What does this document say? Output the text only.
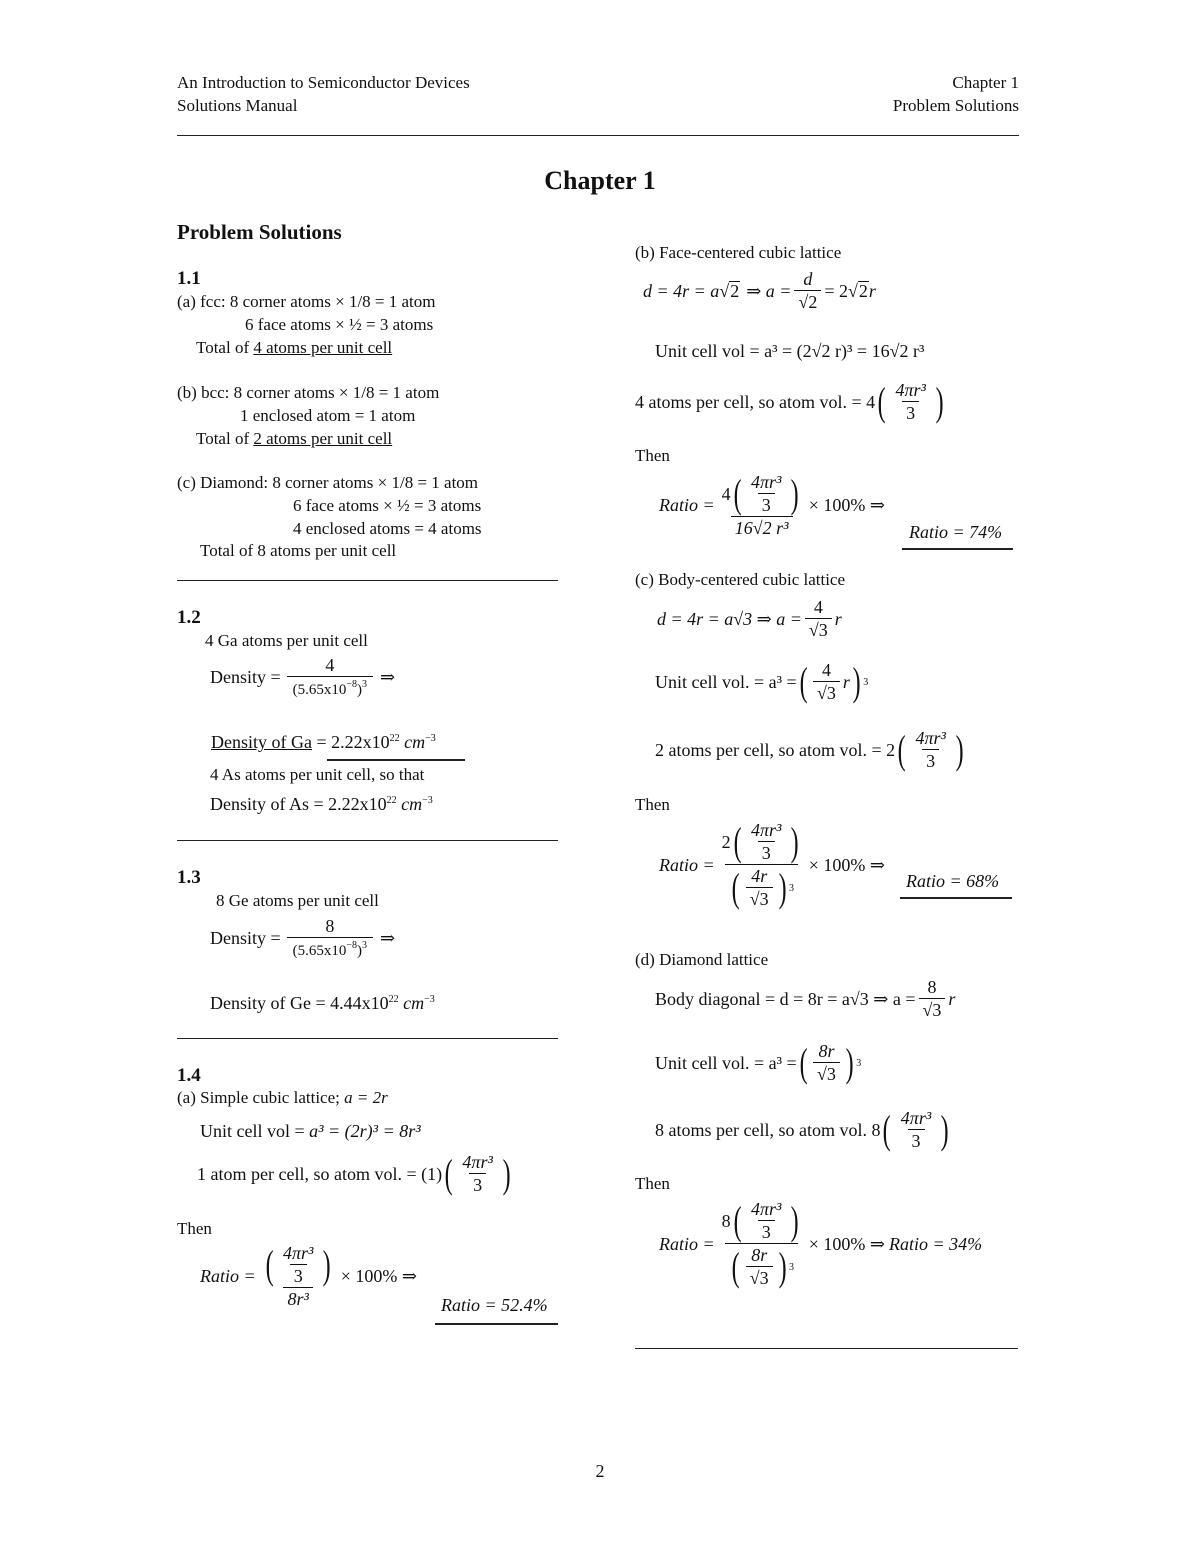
An Introduction to Semiconductor Devices
Solutions Manual
Chapter 1
Problem Solutions
Chapter 1
Problem Solutions
1.1
(a) fcc: 8 corner atoms × 1/8 = 1 atom
6 face atoms × ½ = 3 atoms
Total of 4 atoms per unit cell
(b) bcc: 8 corner atoms × 1/8 = 1 atom
1 enclosed atom = 1 atom
Total of 2 atoms per unit cell
(c) Diamond: 8 corner atoms × 1/8 = 1 atom
6 face atoms × ½ = 3 atoms
4 enclosed atoms = 4 atoms
Total of 8 atoms per unit cell
1.2
4 Ga atoms per unit cell
Density = $\frac{4}{(5.65x10^{-8})^3}$ ⇒
Density of $Ga = 2.22x10^{22}$ $cm^{-3}$
4 As atoms per unit cell, so that
Density of $As = 2.22x10^{22}$ $cm^{-3}$
1.3
8 Ge atoms per unit cell
Density = $\frac{8}{(5.65x10^{-8})^3}$ ⇒
Density of $Ge = 4.44x10^{22}$ $cm^{-3}$
1.4
(a) Simple cubic lattice; a = 2r
Unit cell vol = a³ = (2r)³ = 8r³
1 atom per cell, so atom vol. = (1) ( $\frac{\text{4πr³}}{3}$ )
Then
Ratio = $\frac{( \frac{\text{4πr³}}{3} )}{\text{8r³}} \times 100\%$ ⇒
Ratio = 52.4%
(b) Face-centered cubic lattice
d = 4r = a √ 2 ⇒ $a = \frac{d}{√2} = 2$ √ 2 r
Unit cell vol = a³ = (2√2 r)³ = 16√2 r³
4 atoms per cell, so atom vol. = 4 ( $\frac{\text{4πr³}}{3}$ )
Then
Ratio = $\frac{4 ( \frac{\text{4πr³}}{3} )}{\text{16√2 r³}} \times 100\%$ ⇒
Ratio = 74%
(c) Body-centered cubic lattice
d = 4r = a√3 ⇒ $a = \frac{4}{√3}$ r
Unit cell vol. = a³ = ( $\frac{4}{√3}$ r ) 3
2 atoms per cell, so atom vol. = 2 ( $\frac{\text{4πr³}}{3}$ )
Then
Ratio = $\frac{2 ( \frac{\text{4πr³}}{3} )}{( \frac{4r}{√3} ) 3} \times 100\%$ ⇒
Ratio = 68%
(d) Diamond lattice
Body diagonal = d = 8r = a√3 ⇒ $a = \frac{8}{√3}$ r
Unit cell vol. = a³ = ( $\frac{8r}{√3}$ ) 3
8 atoms per cell, so atom vol. 8 ( $\frac{\text{4πr³}}{3}$ )
Then
Ratio = $\frac{8 ( \frac{\text{4πr³}}{3} )}{( \frac{8r}{√3} ) 3} \times 100\%$ ⇒ Ratio = 34%
2
